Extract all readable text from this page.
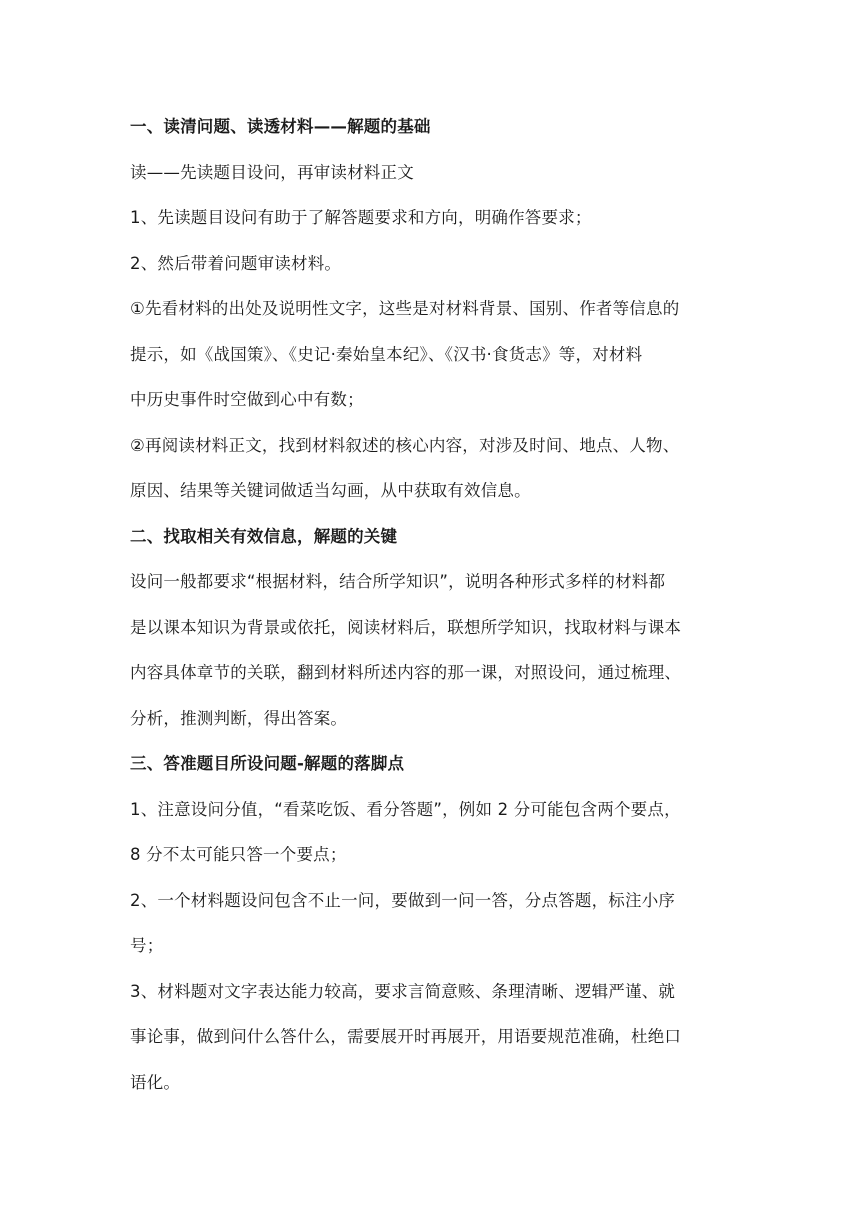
一、读清问题、读透材料——解题的基础

读——先读题目设问，再审读材料正文

1、先读题目设问有助于了解答题要求和方向，明确作答要求；

2、然后带着问题审读材料。

①先看材料的出处及说明性文字，这些是对材料背景、国别、作者等信息的

提示，如《战国策》、《史记·秦始皇本纪》、《汉书·食货志》等，对材料

中历史事件时空做到心中有数；

②再阅读材料正文，找到材料叙述的核心内容，对涉及时间、地点、人物、

原因、结果等关键词做适当勾画，从中获取有效信息。

二、找取相关有效信息，解题的关键

设问一般都要求“根据材料，结合所学知识”，说明各种形式多样的材料都

是以课本知识为背景或依托，阅读材料后，联想所学知识，找取材料与课本

内容具体章节的关联，翻到材料所述内容的那一课，对照设问，通过梳理、

分析，推测判断，得出答案。

三、答准题目所设问题-解题的落脚点

1、注意设问分值，“看菜吃饭、看分答题”，例如 2 分可能包含两个要点，

8 分不太可能只答一个要点；

2、一个材料题设问包含不止一问，要做到一问一答，分点答题，标注小序

号；

3、材料题对文字表达能力较高，要求言简意赅、条理清晰、逻辑严谨、就

事论事，做到问什么答什么，需要展开时再展开，用语要规范准确，杜绝口

语化。
